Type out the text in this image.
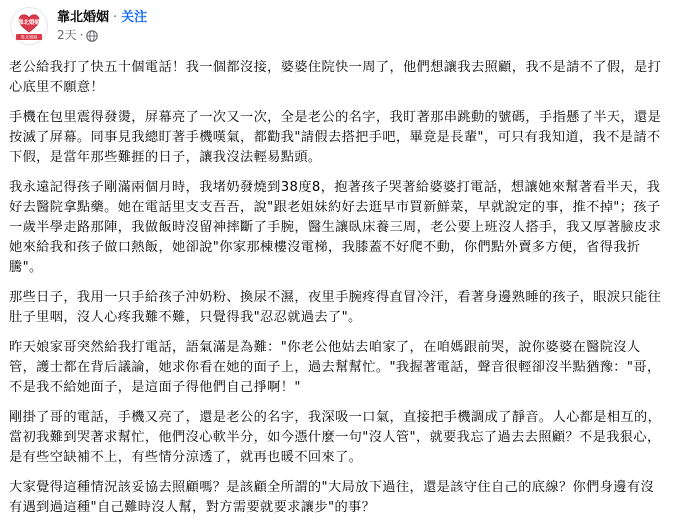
靠北婚姻
靠北婚姻
靠北婚姻 · 关注
2天 ·

老公給我打了快五十個電話！我一個都沒接，婆婆住院快一周了，他們想讓我去照顧，我不是請不了假，是打心底里不願意！

手機在包里震得發燙，屏幕亮了一次又一次，全是老公的名字，我盯著那串跳動的號碼，手指懸了半天，還是按滅了屏幕。同事見我總盯著手機嘆氣，都勸我"請假去搭把手吧，畢竟是長輩"，可只有我知道，我不是請不下假，是當年那些難捱的日子，讓我沒法輕易點頭。

我永遠記得孩子剛滿兩個月時，我堵奶發燒到38度8，抱著孩子哭著給婆婆打電話，想讓她來幫著看半天，我好去醫院拿點藥。她在電話里支支吾吾，說"跟老姐妹約好去逛早市買新鮮菜，早就說定的事，推不掉"；孩子一歲半學走路那陣，我做飯時沒留神摔斷了手腕，醫生讓臥床養三周，老公要上班沒人搭手，我又厚著臉皮求她來給我和孩子做口熱飯，她卻說"你家那棟樓沒電梯，我膝蓋不好爬不動，你們點外賣多方便，省得我折騰"。

那些日子，我用一只手給孩子沖奶粉、換尿不濕，夜里手腕疼得直冒冷汗，看著身邊熟睡的孩子，眼淚只能往肚子里咽，沒人心疼我難不難，只覺得我"忍忍就過去了"。

昨天娘家哥突然給我打電話，語氣滿是為難："你老公他姑去咱家了，在咱媽跟前哭，說你婆婆在醫院沒人管，護士都在背后議論，她求你看在她的面子上，過去幫幫忙。"我握著電話，聲音很輕卻沒半點猶豫："哥，不是我不給她面子，是這面子得他們自己掙啊！"

剛掛了哥的電話，手機又亮了，還是老公的名字，我深吸一口氣，直接把手機調成了靜音。人心都是相互的，當初我難到哭著求幫忙，他們沒心軟半分，如今憑什麼一句"沒人管"，就要我忘了過去去照顧？不是我狠心，是有些空缺補不上，有些情分涼透了，就再也暖不回來了。

大家覺得這種情況該妥協去照顧嗎？是該顧全所謂的"大局放下過往，還是該守住自己的底線？你們身邊有沒有遇到過這種"自己難時沒人幫，對方需要就要求讓步"的事？
